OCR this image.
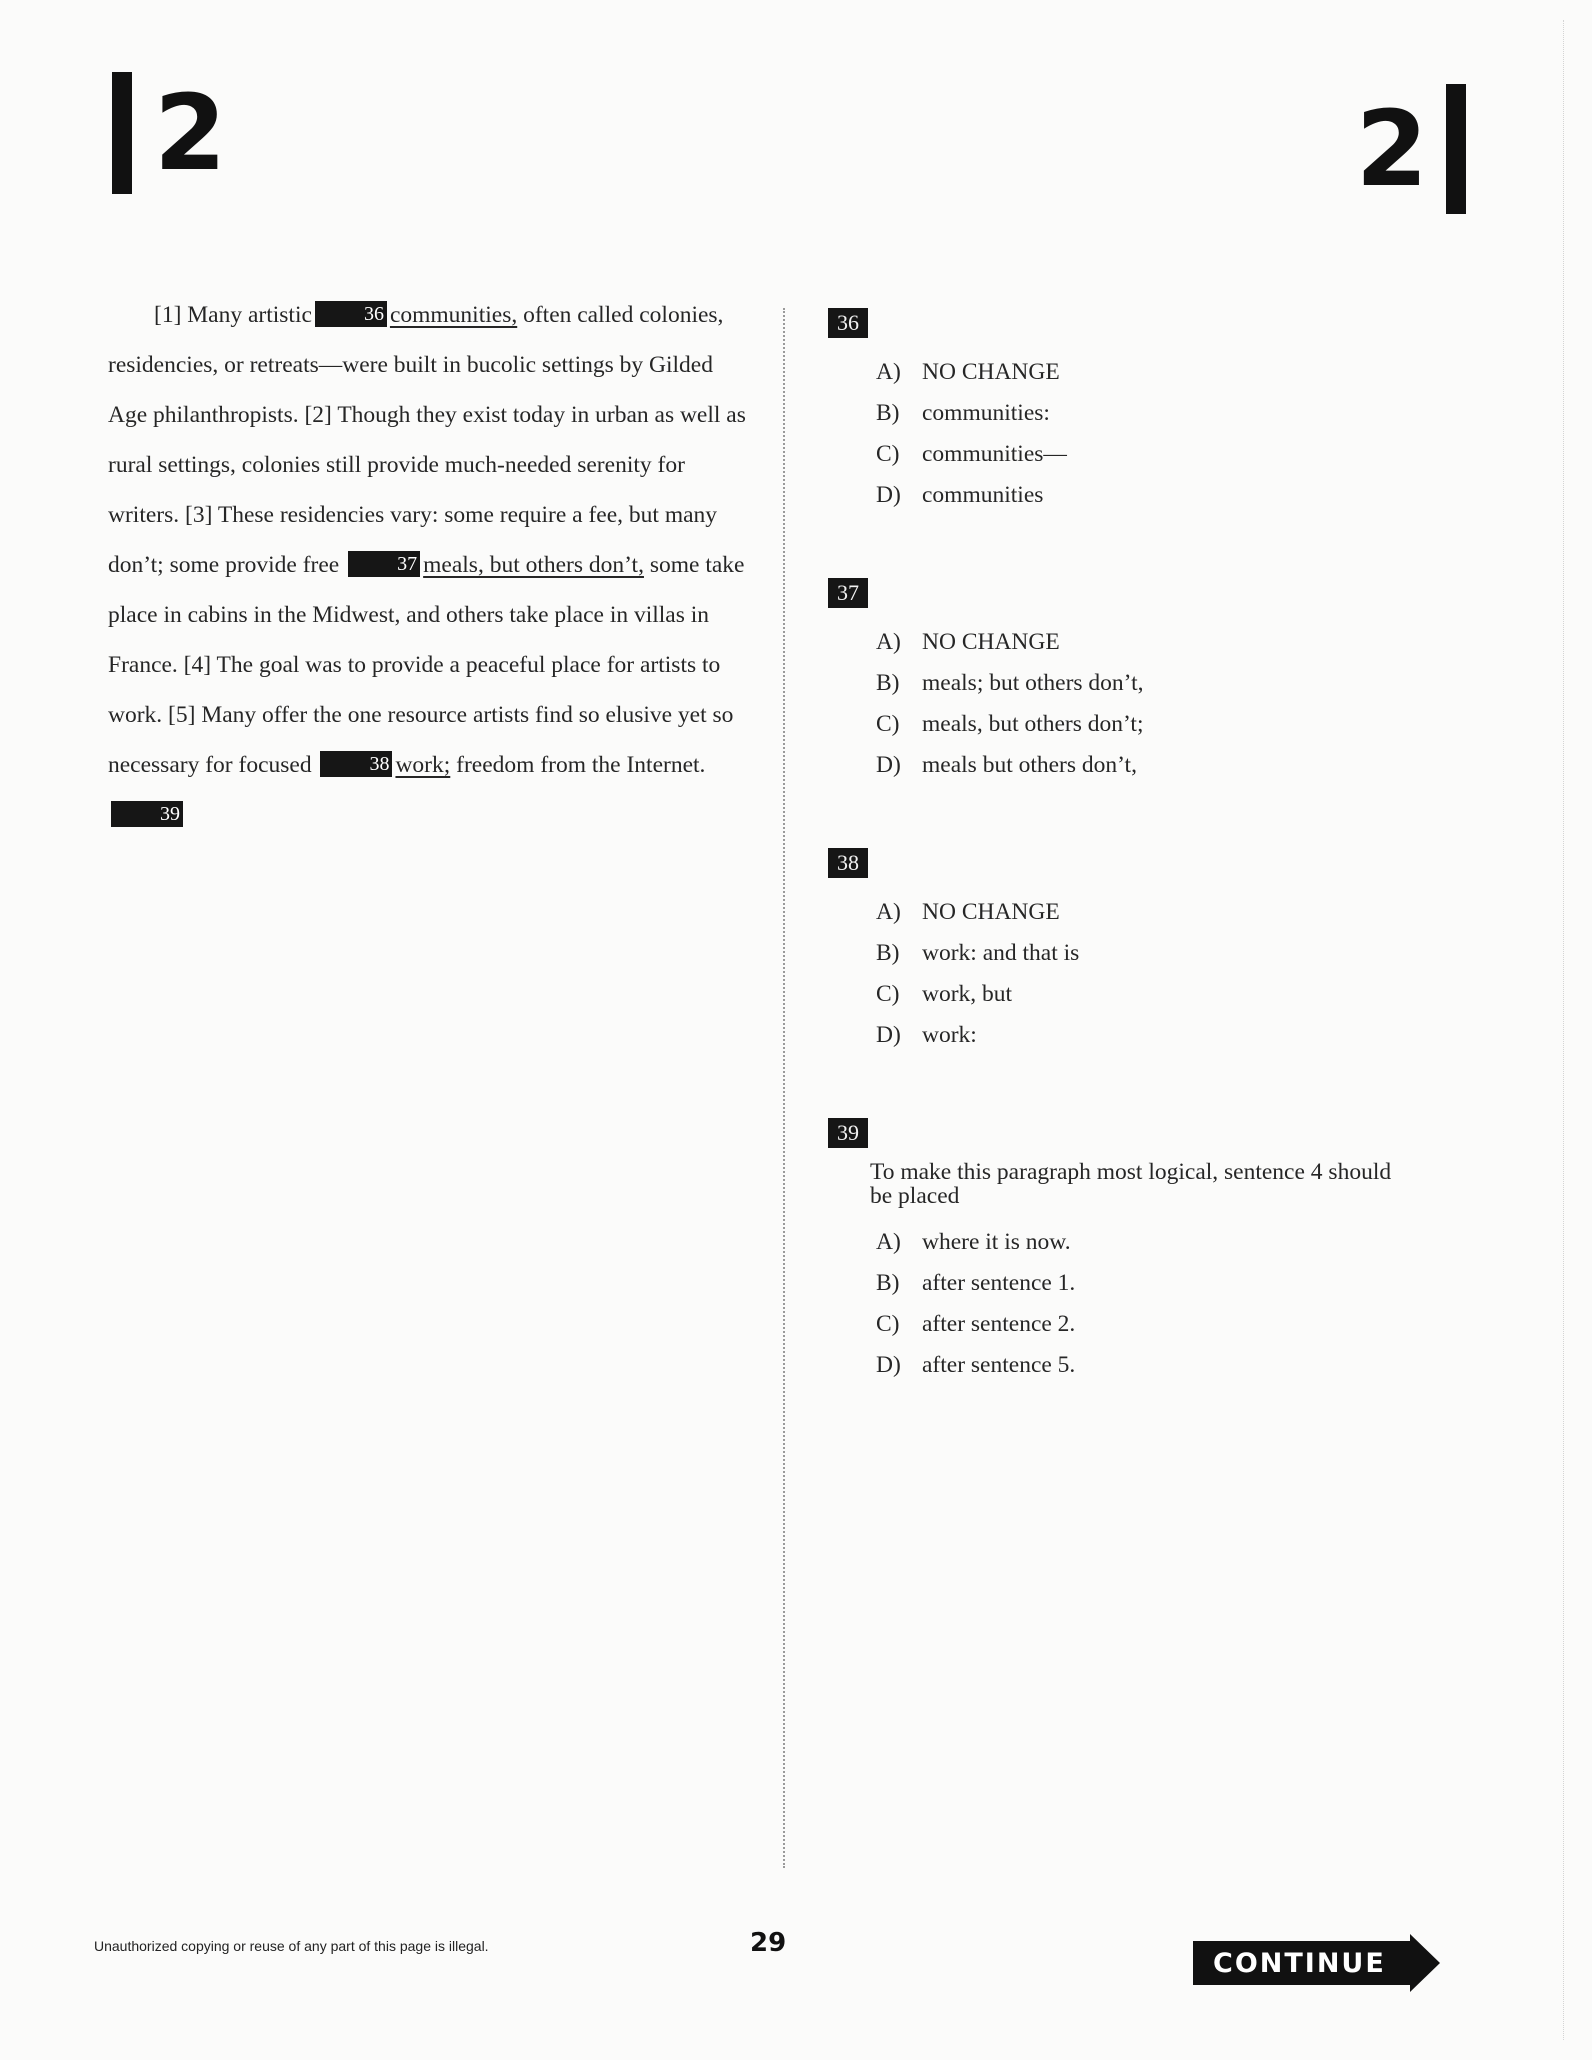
2	2

[1] Many artistic	36 communities, often called colonies, residencies, or retreats—were built in bucolic settings by Gilded Age philanthropists. [2] Though they exist today in urban as well as rural settings, colonies still provide much-needed serenity for writers. [3] These residencies vary: some require a fee, but many don’t; some provide free	37 meals, but others don’t, some take place in cabins in the Midwest, and others take place in villas in France. [4] The goal was to provide a peaceful place for artists to work. [5] Many offer the one resource artists find so elusive yet so necessary for focused	38 work; freedom from the Internet. 39

36
A) NO CHANGE
B) communities:
C) communities—
D) communities
37
A) NO CHANGE
B) meals; but others don’t,
C) meals, but others don’t;
D) meals but others don’t,
38
A) NO CHANGE
B) work: and that is
C) work, but
D) work:
39
To make this paragraph most logical, sentence 4 should be placed
A) where it is now.
B) after sentence 1.
C) after sentence 2.
D) after sentence 5.
Unauthorized copying or reuse of any part of this page is illegal.	29
CONTINUE
